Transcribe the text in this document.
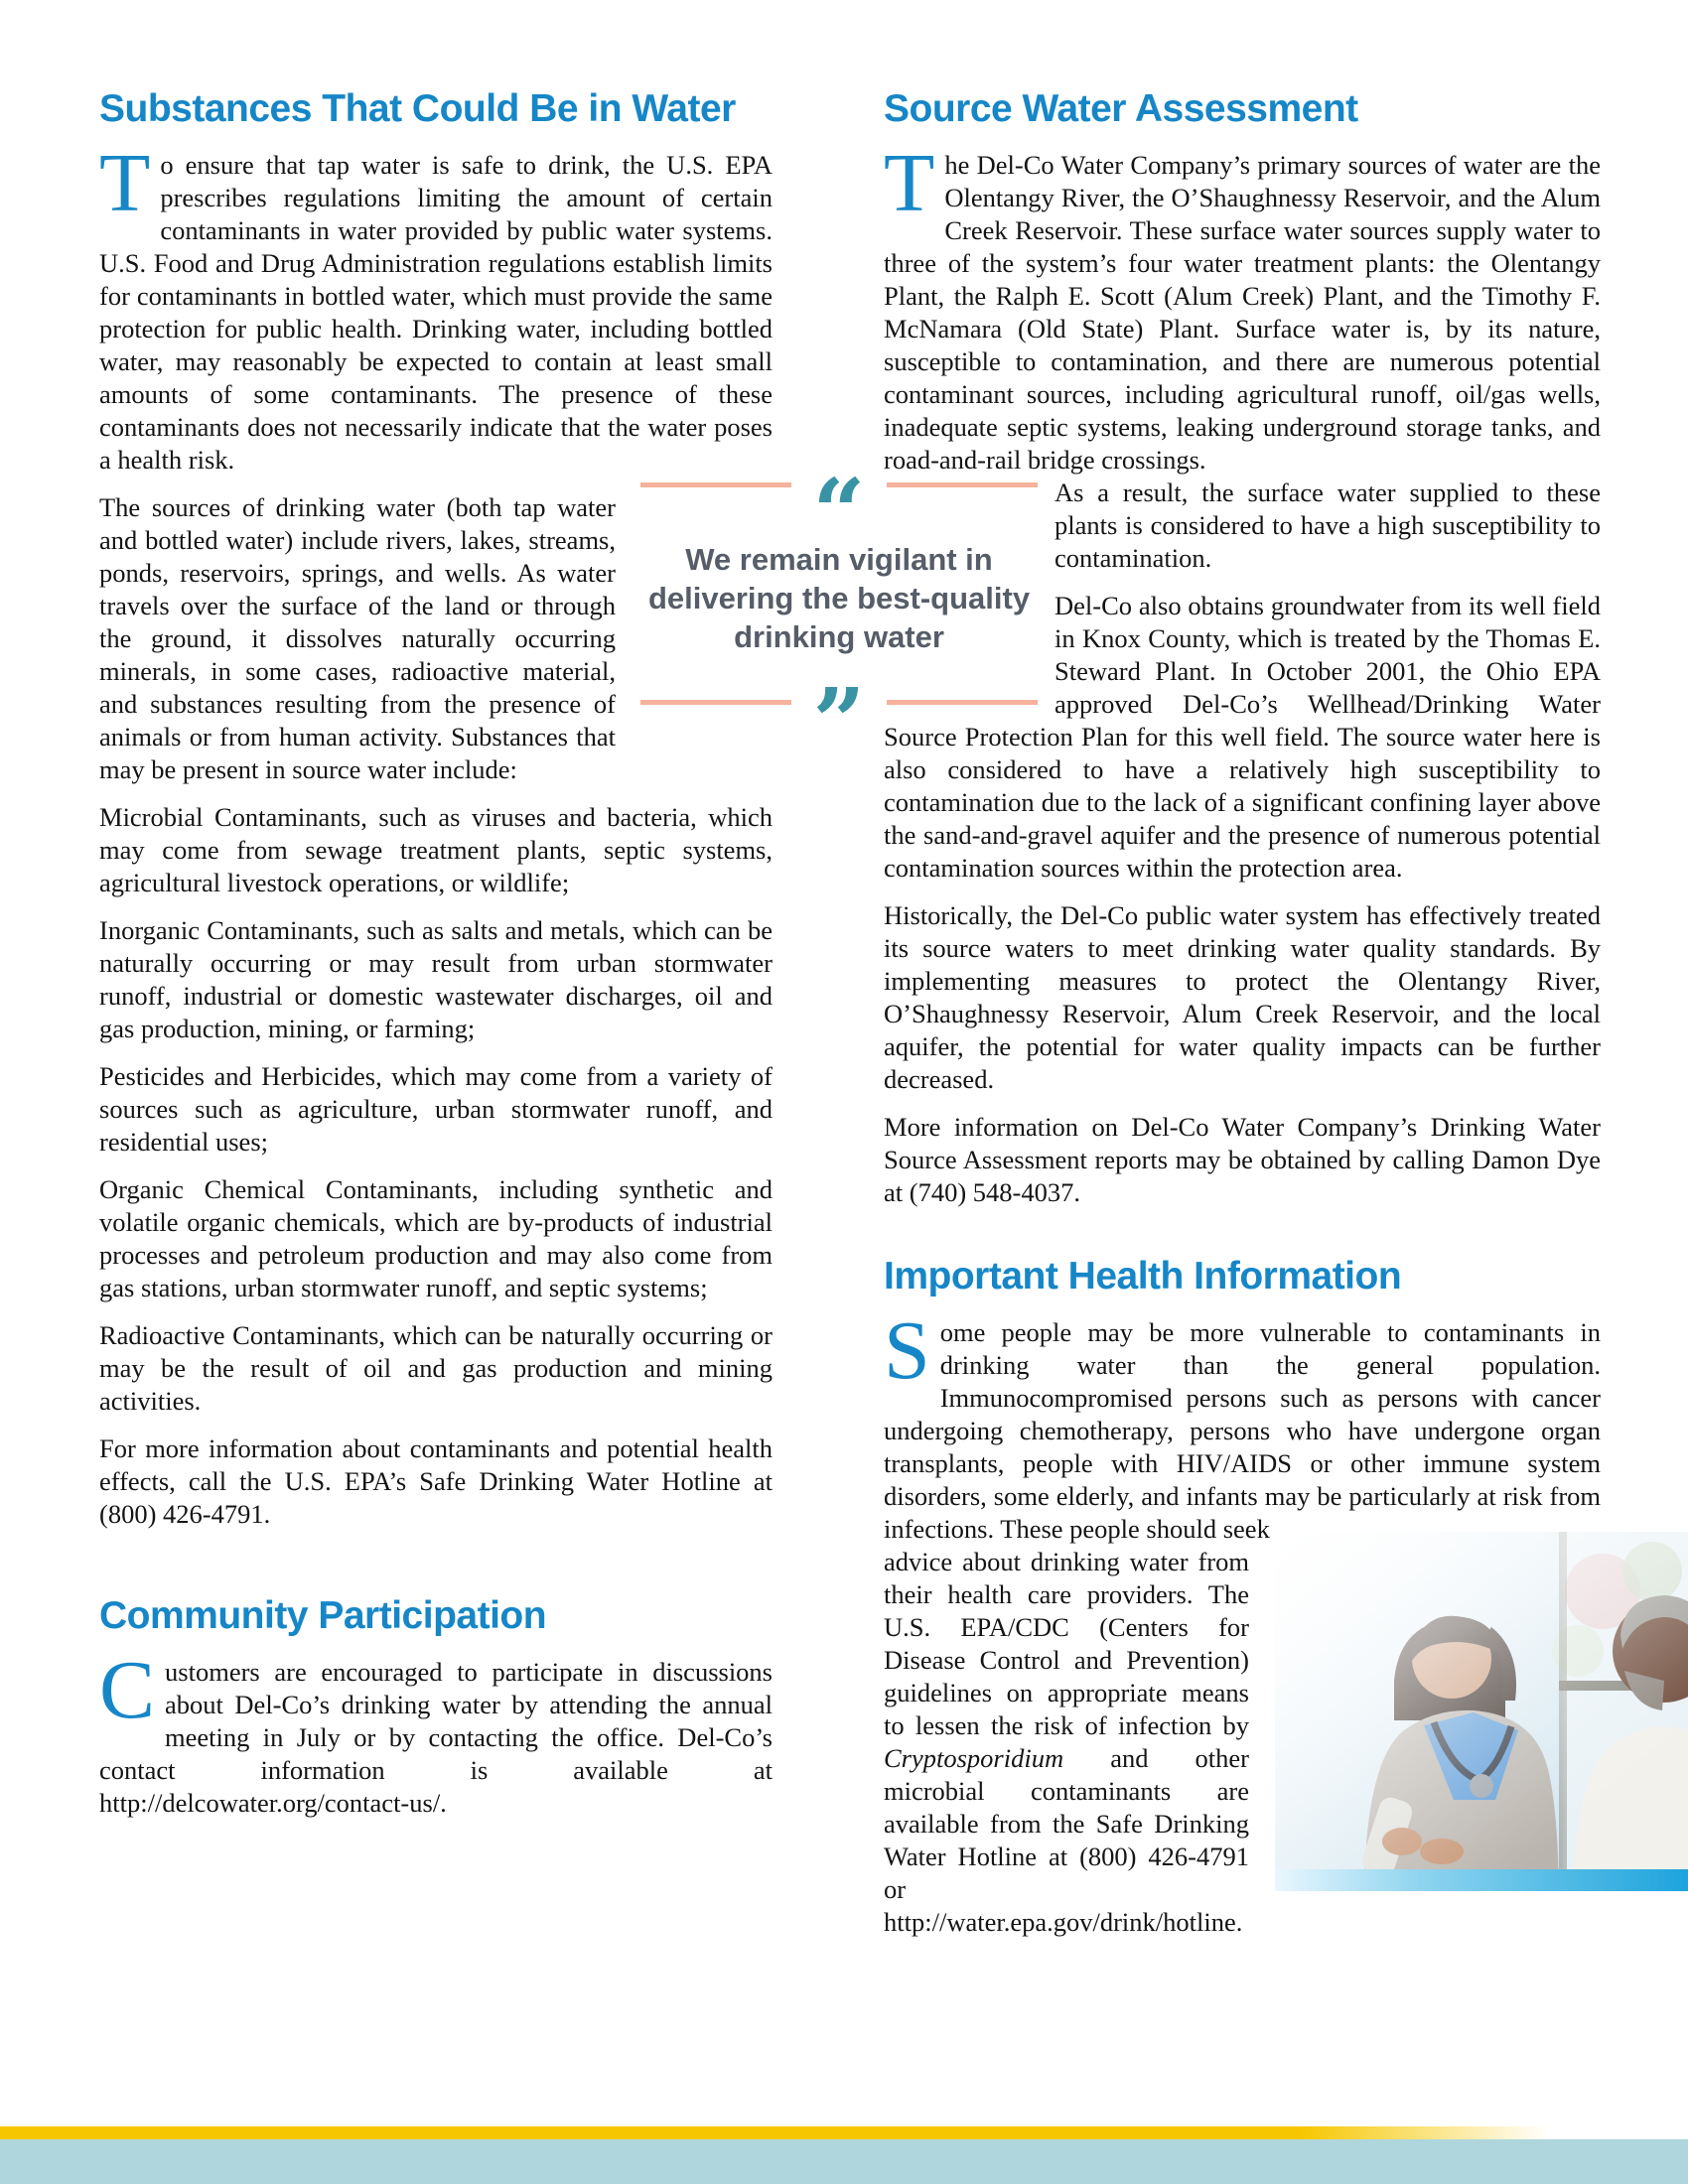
Substances That Could Be in Water

To ensure that tap water is safe to drink, the U.S. EPA prescribes regulations limiting the amount of certain contaminants in water provided by public water systems. U.S. Food and Drug Administration regulations establish limits for contaminants in bottled water, which must provide the same protection for public health. Drinking water, including bottled water, may reasonably be expected to contain at least small amounts of some contaminants. The presence of these contaminants does not necessarily indicate that the water poses a health risk.

The sources of drinking water (both tap water and bottled water) include rivers, lakes, streams, ponds, reservoirs, springs, and wells. As water travels over the surface of the land or through the ground, it dissolves naturally occurring minerals, in some cases, radioactive material, and substances resulting from the presence of animals or from human activity. Substances that may be present in source water include:

Microbial Contaminants, such as viruses and bacteria, which may come from sewage treatment plants, septic systems, agricultural livestock operations, or wildlife;

Inorganic Contaminants, such as salts and metals, which can be naturally occurring or may result from urban stormwater runoff, industrial or domestic wastewater discharges, oil and gas production, mining, or farming;

Pesticides and Herbicides, which may come from a variety of sources such as agriculture, urban stormwater runoff, and residential uses;

Organic Chemical Contaminants, including synthetic and volatile organic chemicals, which are by-products of industrial processes and petroleum production and may also come from gas stations, urban stormwater runoff, and septic systems;

Radioactive Contaminants, which can be naturally occurring or may be the result of oil and gas production and mining activities.

For more information about contaminants and potential health effects, call the U.S. EPA’s Safe Drinking Water Hotline at (800) 426-4791.

Community Participation

Customers are encouraged to participate in discussions about Del-Co’s drinking water by attending the annual meeting in July or by contacting the office. Del-Co’s contact information is available at http://delcowater.org/contact-us/.

Source Water Assessment

The Del-Co Water Company’s primary sources of water are the Olentangy River, the O’Shaughnessy Reservoir, and the Alum Creek Reservoir. These surface water sources supply water to three of the system’s four water treatment plants: the Olentangy Plant, the Ralph E. Scott (Alum Creek) Plant, and the Timothy F. McNamara (Old State) Plant. Surface water is, by its nature, susceptible to contamination, and there are numerous potential contaminant sources, including agricultural runoff, oil/gas wells, inadequate septic systems, leaking underground storage tanks, and road-and-rail bridge crossings.

As a result, the surface water supplied to these plants is considered to have a high susceptibility to contamination.

Del-Co also obtains groundwater from its well field in Knox County, which is treated by the Thomas E. Steward Plant. In October 2001, the Ohio EPA approved Del-Co’s Wellhead/Drinking Water Source Protection Plan for this well field. The source water here is also considered to have a relatively high susceptibility to contamination due to the lack of a significant confining layer above the sand-and-gravel aquifer and the presence of numerous potential contamination sources within the protection area.

Historically, the Del-Co public water system has effectively treated its source waters to meet drinking water quality standards. By implementing measures to protect the Olentangy River, O’Shaughnessy Reservoir, Alum Creek Reservoir, and the local aquifer, the potential for water quality impacts can be further decreased.

More information on Del-Co Water Company’s Drinking Water Source Assessment reports may be obtained by calling Damon Dye at (740) 548-4037.

Important Health Information

Some people may be more vulnerable to contaminants in drinking water than the general population. Immunocompromised persons such as persons with cancer undergoing chemotherapy, persons who have undergone organ transplants, people with HIV/AIDS or other immune system disorders, some elderly, and infants may be particularly at risk from infections. These people should seek

advice about drinking water from their health care providers. The U.S. EPA/CDC (Centers for Disease Control and Prevention) guidelines on appropriate means to lessen the risk of infection by Cryptosporidium and other microbial contaminants are available from the Safe Drinking Water Hotline at (800) 426-4791 or http://water.epa.gov/drink/hotline.

“
We remain vigilant in delivering the best-quality drinking water
”
